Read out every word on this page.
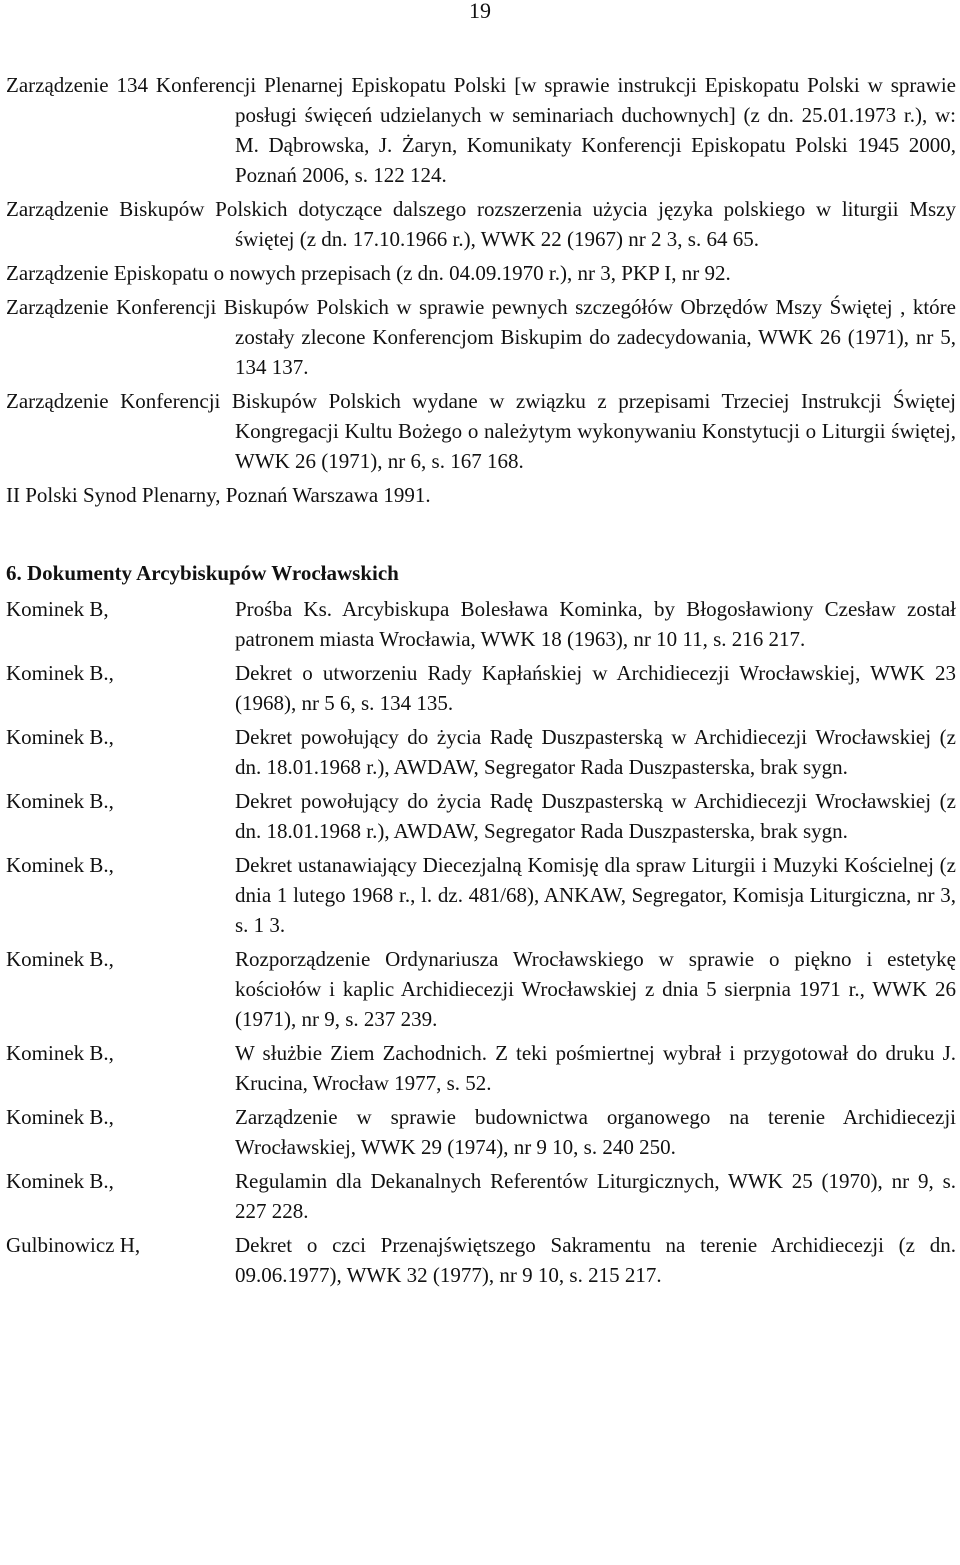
19

Zarządzenie 134 Konferencji Plenarnej Episkopatu Polski [w sprawie instrukcji Episkopatu Polski w sprawie posługi święceń udzielanych w seminariach duchownych] (z dn. 25.01.1973 r.), w: M. Dąbrowska, J. Żaryn, Komunikaty Konferencji Episkopatu Polski 1945 2000, Poznań 2006, s. 122 124.

Zarządzenie Biskupów Polskich dotyczące dalszego rozszerzenia użycia języka polskiego w liturgii Mszy świętej (z dn. 17.10.1966 r.), WWK 22 (1967) nr 2 3, s. 64 65.

Zarządzenie Episkopatu o nowych przepisach (z dn. 04.09.1970 r.), nr 3, PKP I, nr 92.

Zarządzenie Konferencji Biskupów Polskich w sprawie pewnych szczegółów Obrzędów Mszy Świętej , które zostały zlecone Konferencjom Biskupim do zadecydowania, WWK 26 (1971), nr 5, 134 137.

Zarządzenie Konferencji Biskupów Polskich wydane w związku z przepisami Trzeciej Instrukcji Świętej Kongregacji Kultu Bożego o należytym wykonywaniu Konstytucji o Liturgii świętej, WWK 26 (1971), nr 6, s. 167 168.

II Polski Synod Plenarny, Poznań Warszawa 1991.

6. Dokumenty Arcybiskupów Wrocławskich
Kominek B,	Prośba Ks. Arcybiskupa Bolesława Kominka, by Błogosławiony Czesław został patronem miasta Wrocławia, WWK 18 (1963), nr 10 11, s. 216 217.
Kominek B.,	Dekret o utworzeniu Rady Kapłańskiej w Archidiecezji Wrocławskiej, WWK 23 (1968), nr 5 6, s. 134 135.
Kominek B.,	Dekret powołujący do życia Radę Duszpasterską w Archidiecezji Wrocławskiej (z dn. 18.01.1968 r.), AWDAW, Segregator Rada Duszpasterska, brak sygn.
Kominek B.,	Dekret powołujący do życia Radę Duszpasterską w Archidiecezji Wrocławskiej (z dn. 18.01.1968 r.), AWDAW, Segregator Rada Duszpasterska, brak sygn.
Kominek B.,	Dekret ustanawiający Diecezjalną Komisję dla spraw Liturgii i Muzyki Kościelnej (z dnia 1 lutego 1968 r., l. dz. 481/68), ANKAW, Segregator, Komisja Liturgiczna, nr 3, s. 1 3.
Kominek B.,	Rozporządzenie Ordynariusza Wrocławskiego w sprawie o piękno i estetykę kościołów i kaplic Archidiecezji Wrocławskiej z dnia 5 sierpnia 1971 r., WWK 26 (1971), nr 9, s. 237 239.
Kominek B.,	W służbie Ziem Zachodnich. Z teki pośmiertnej wybrał i przygotował do druku J. Krucina, Wrocław 1977, s. 52.
Kominek B.,	Zarządzenie w sprawie budownictwa organowego na terenie Archidiecezji Wrocławskiej, WWK 29 (1974), nr 9 10, s. 240 250.
Kominek B.,	Regulamin dla Dekanalnych Referentów Liturgicznych, WWK 25 (1970), nr 9, s. 227 228.
Gulbinowicz H,	Dekret o czci Przenajświętszego Sakramentu na terenie Archidiecezji (z dn. 09.06.1977), WWK 32 (1977), nr 9 10, s. 215 217.
